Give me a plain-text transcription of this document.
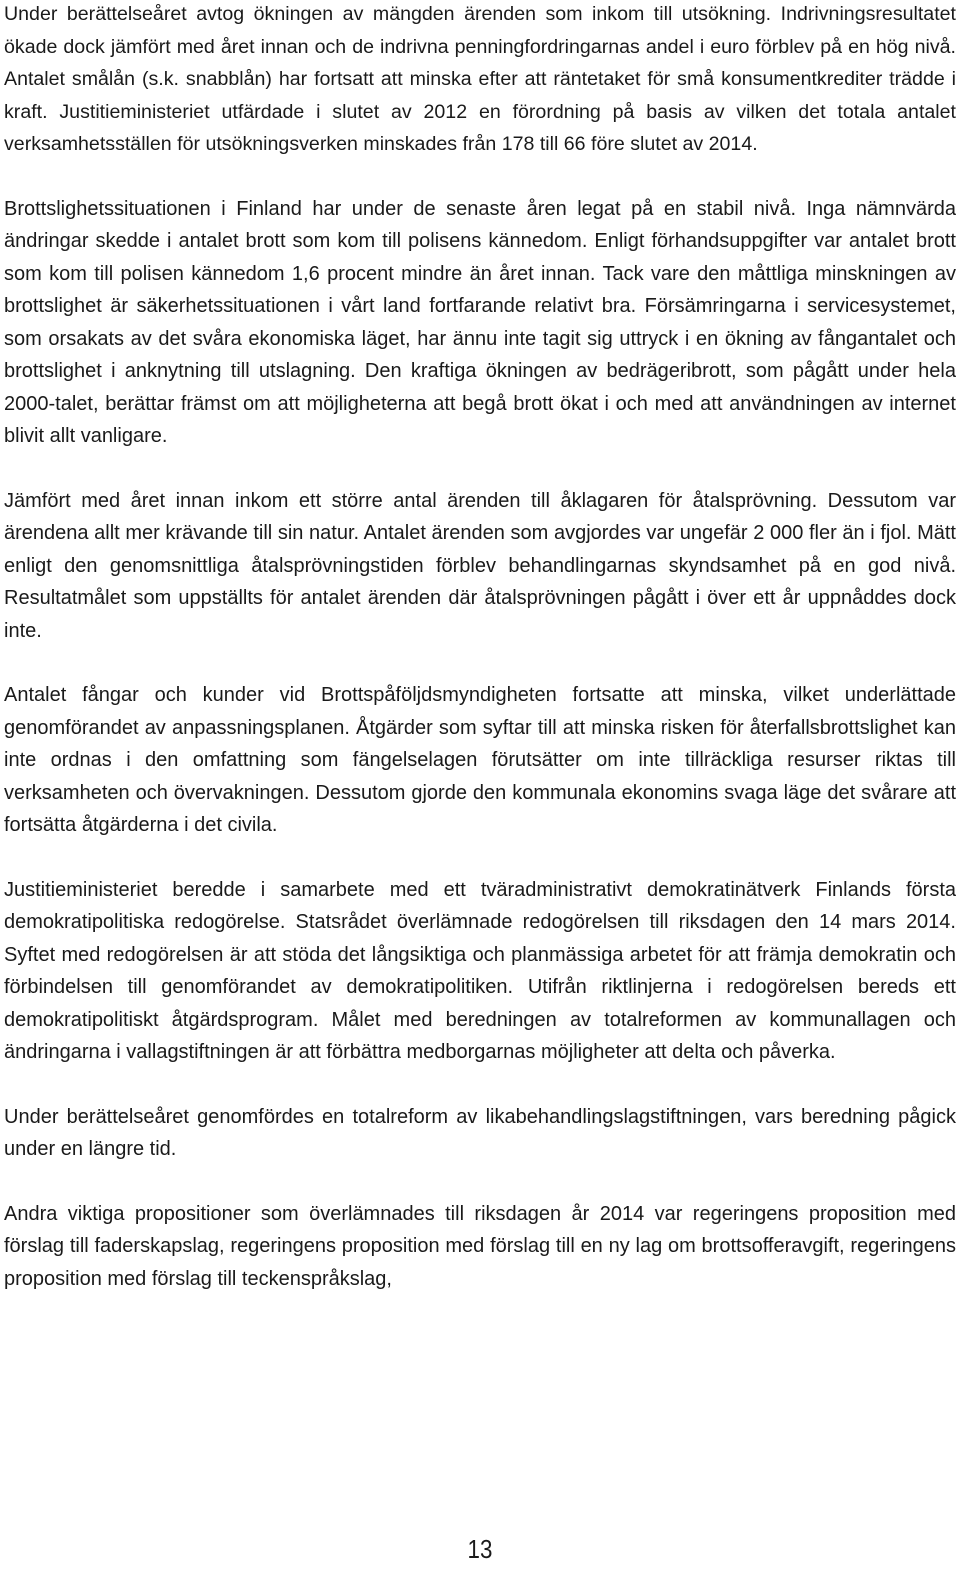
Under berättelseåret avtog ökningen av mängden ärenden som inkom till utsökning. Indrivningsresultatet ökade dock jämfört med året innan och de indrivna penningfordringarnas andel i euro förblev på en hög nivå. Antalet smålån (s.k. snabblån) har fortsatt att minska efter att räntetaket för små konsumentkrediter trädde i kraft. Justitieministeriet utfärdade i slutet av 2012 en förordning på basis av vilken det totala antalet verksamhetsställen för utsökningsverken minskades från 178 till 66 före slutet av 2014.

Brottslighetssituationen i Finland har under de senaste åren legat på en stabil nivå. Inga nämnvärda ändringar skedde i antalet brott som kom till polisens kännedom. Enligt förhandsuppgifter var antalet brott som kom till polisen kännedom 1,6 procent mindre än året innan. Tack vare den måttliga minskningen av brottslighet är säkerhetssituationen i vårt land fortfarande relativt bra. Försämringarna i servicesystemet, som orsakats av det svåra ekonomiska läget, har ännu inte tagit sig uttryck i en ökning av fångantalet och brottslighet i anknytning till utslagning. Den kraftiga ökningen av bedrägeribrott, som pågått under hela 2000-talet, berättar främst om att möjligheterna att begå brott ökat i och med att användningen av internet blivit allt vanligare.

Jämfört med året innan inkom ett större antal ärenden till åklagaren för åtalsprövning. Dessutom var ärendena allt mer krävande till sin natur. Antalet ärenden som avgjordes var ungefär 2 000 fler än i fjol. Mätt enligt den genomsnittliga åtalsprövningstiden förblev behandlingarnas skyndsamhet på en god nivå. Resultatmålet som uppställts för antalet ärenden där åtalsprövningen pågått i över ett år uppnåddes dock inte.

Antalet fångar och kunder vid Brottspåföljdsmyndigheten fortsatte att minska, vilket underlättade genomförandet av anpassningsplanen. Åtgärder som syftar till att minska risken för återfallsbrottslighet kan inte ordnas i den omfattning som fängelselagen förutsätter om inte tillräckliga resurser riktas till verksamheten och övervakningen. Dessutom gjorde den kommunala ekonomins svaga läge det svårare att fortsätta åtgärderna i det civila.

Justitieministeriet beredde i samarbete med ett tväradministrativt demokratinätverk Finlands första demokratipolitiska redogörelse. Statsrådet överlämnade redogörelsen till riksdagen den 14 mars 2014. Syftet med redogörelsen är att stöda det långsiktiga och planmässiga arbetet för att främja demokratin och förbindelsen till genomförandet av demokratipolitiken. Utifrån riktlinjerna i redogörelsen bereds ett demokratipolitiskt åtgärdsprogram. Målet med beredningen av totalreformen av kommunallagen och ändringarna i vallagstiftningen är att förbättra medborgarnas möjligheter att delta och påverka.

Under berättelseåret genomfördes en totalreform av likabehandlingslagstiftningen, vars beredning pågick under en längre tid.

Andra viktiga propositioner som överlämnades till riksdagen år 2014 var regeringens proposition med förslag till faderskapslag, regeringens proposition med förslag till en ny lag om brottsofferavgift, regeringens proposition med förslag till teckenspråkslag,

13
